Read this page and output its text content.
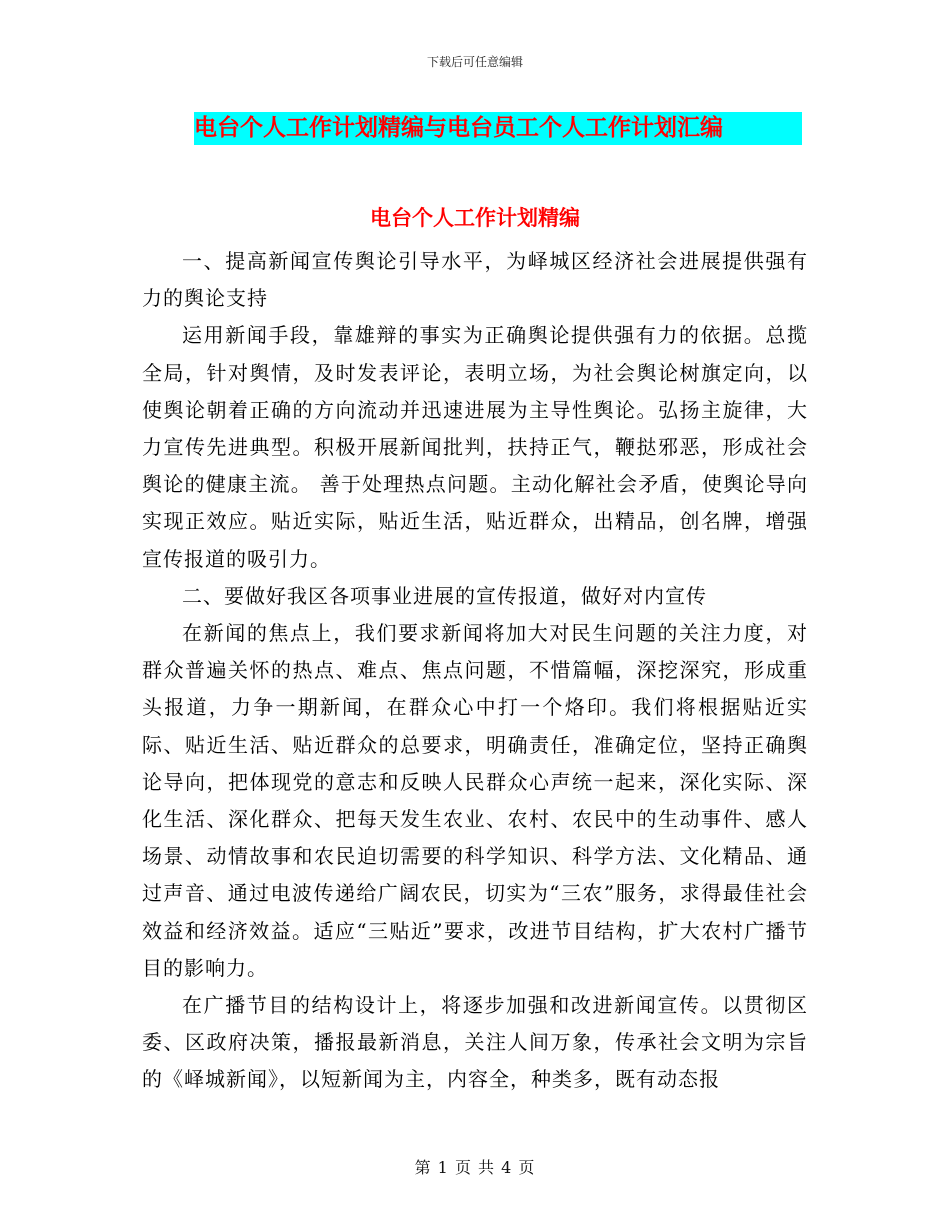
下载后可任意编辑
电台个人工作计划精编与电台员工个人工作计划汇编
电台个人工作计划精编

一、提高新闻宣传舆论引导水平，为峄城区经济社会进展提供强有力的舆论支持

运用新闻手段，靠雄辩的事实为正确舆论提供强有力的依据。总揽全局，针对舆情，及时发表评论，表明立场，为社会舆论树旗定向，以使舆论朝着正确的方向流动并迅速进展为主导性舆论。弘扬主旋律，大力宣传先进典型。积极开展新闻批判，扶持正气，鞭挞邪恶，形成社会舆论的健康主流。 善于处理热点问题。主动化解社会矛盾，使舆论导向实现正效应。贴近实际，贴近生活，贴近群众，出精品，创名牌，增强宣传报道的吸引力。

二、要做好我区各项事业进展的宣传报道，做好对内宣传

在新闻的焦点上，我们要求新闻将加大对民生问题的关注力度，对群众普遍关怀的热点、难点、焦点问题，不惜篇幅，深挖深究，形成重头报道，力争一期新闻，在群众心中打一个烙印。我们将根据贴近实际、贴近生活、贴近群众的总要求，明确责任，准确定位，坚持正确舆论导向，把体现党的意志和反映人民群众心声统一起来，深化实际、深化生活、深化群众、把每天发生农业、农村、农民中的生动事件、感人场景、动情故事和农民迫切需要的科学知识、科学方法、文化精品、通过声音、通过电波传递给广阔农民，切实为“三农”服务，求得最佳社会效益和经济效益。适应“三贴近”要求，改进节目结构，扩大农村广播节目的影响力。

在广播节目的结构设计上，将逐步加强和改进新闻宣传。以贯彻区委、区政府决策，播报最新消息，关注人间万象，传承社会文明为宗旨的《峄城新闻》，以短新闻为主，内容全，种类多，既有动态报

第 1 页 共 4 页
